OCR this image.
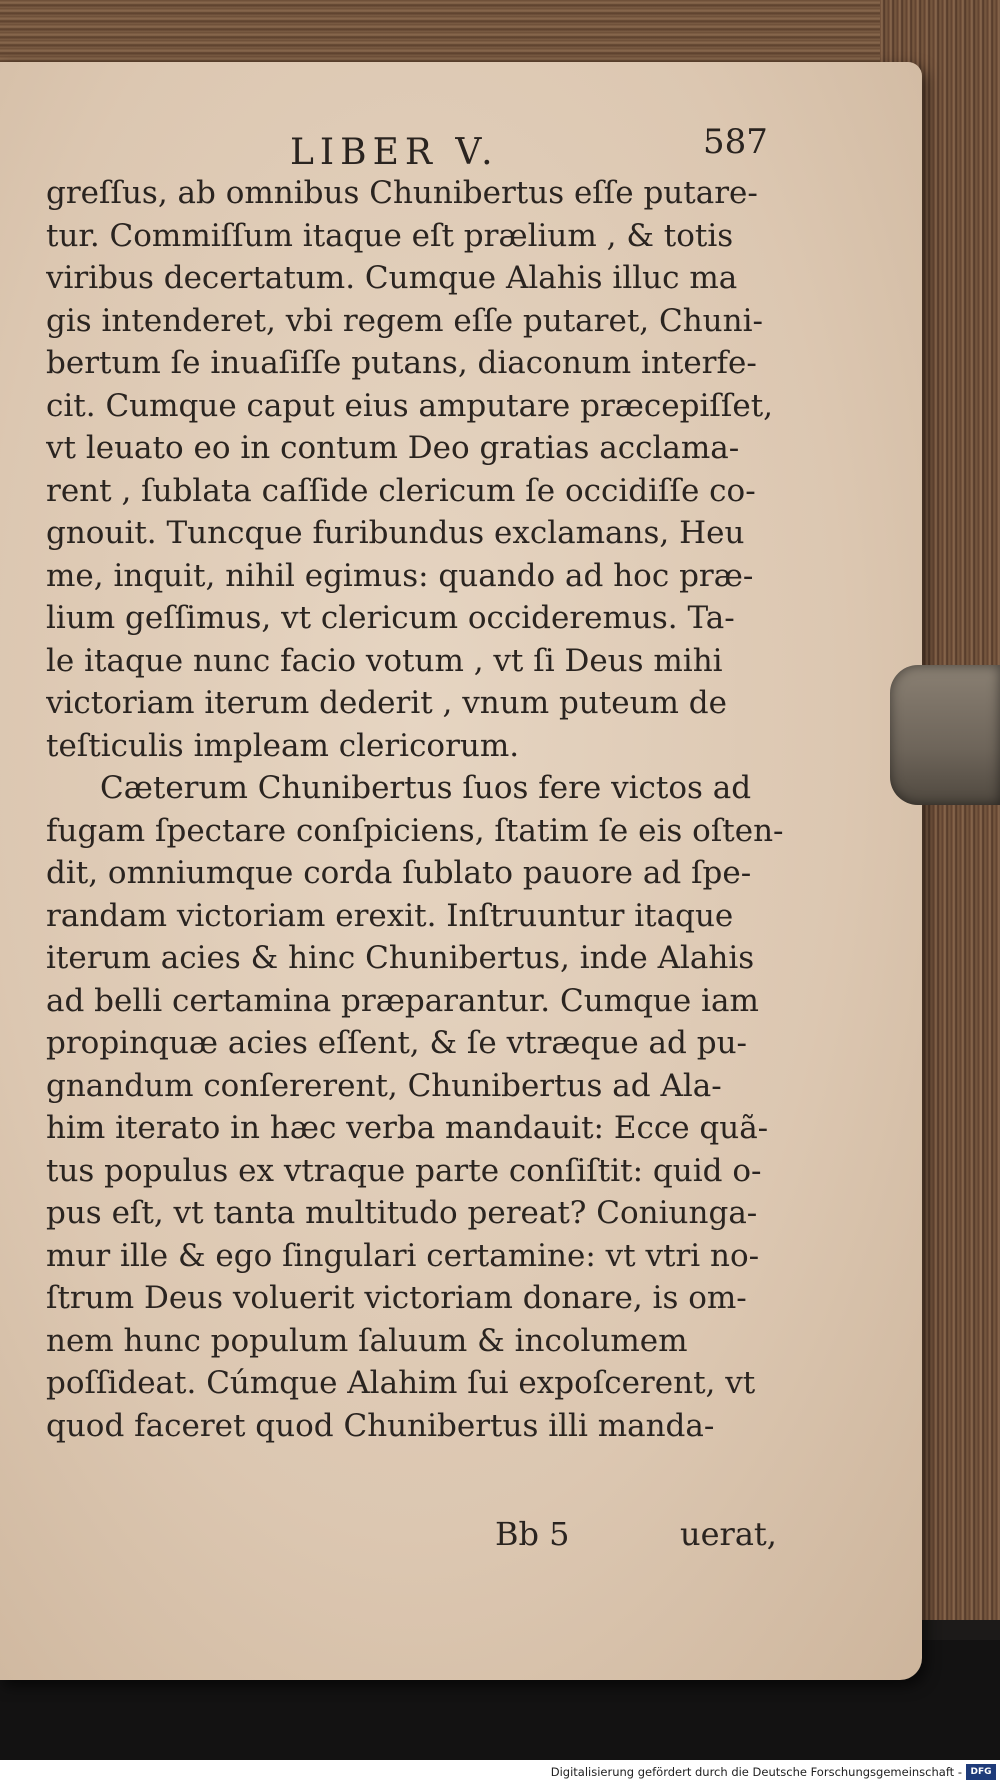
LIBER V.	587
greſſus, ab omnibus Chunibertus eſſe putare-
tur. Commiſſum itaque eſt prælium , & totis
viribus decertatum. Cumque Alahis illuc ma
gis intenderet, vbi regem eſſe putaret, Chuni-
bertum ſe inuaſiſſe putans, diaconum interfe-
cit. Cumque caput eius amputare præcepiſſet,
vt leuato eo in contum Deo gratias acclama-
rent , ſublata caſſide clericum ſe occidiſſe co-
gnouit. Tuncque furibundus exclamans, Heu
me, inquit, nihil egimus: quando ad hoc præ-
lium geſſimus, vt clericum occideremus. Ta-
le itaque nunc facio votum , vt ſi Deus mihi
victoriam iterum dederit , vnum puteum de
teſticulis impleam clericorum.
Cæterum Chunibertus ſuos fere victos ad
fugam ſpectare conſpiciens, ſtatim ſe eis oſten-
dit, omniumque corda ſublato pauore ad ſpe-
randam victoriam erexit. Inſtruuntur itaque
iterum acies & hinc Chunibertus, inde Alahis
ad belli certamina præparantur. Cumque iam
propinquæ acies eſſent, & ſe vtræque ad pu-
gnandum conſererent, Chunibertus ad Ala-
him iterato in hæc verba mandauit: Ecce quã-
tus populus ex vtraque parte conſiſtit: quid o-
pus eſt, vt tanta multitudo pereat? Coniunga-
mur ille & ego ſingulari certamine: vt vtri no-
ſtrum Deus voluerit victoriam donare, is om-
nem hunc populum ſaluum & incolumem
poſſideat. Cúmque Alahim ſui expoſcerent, vt
quod faceret quod Chunibertus illi manda-
Bb 5	uerat,
Digitalisierung gefördert durch die Deutsche Forschungsgemeinschaft - DFG
